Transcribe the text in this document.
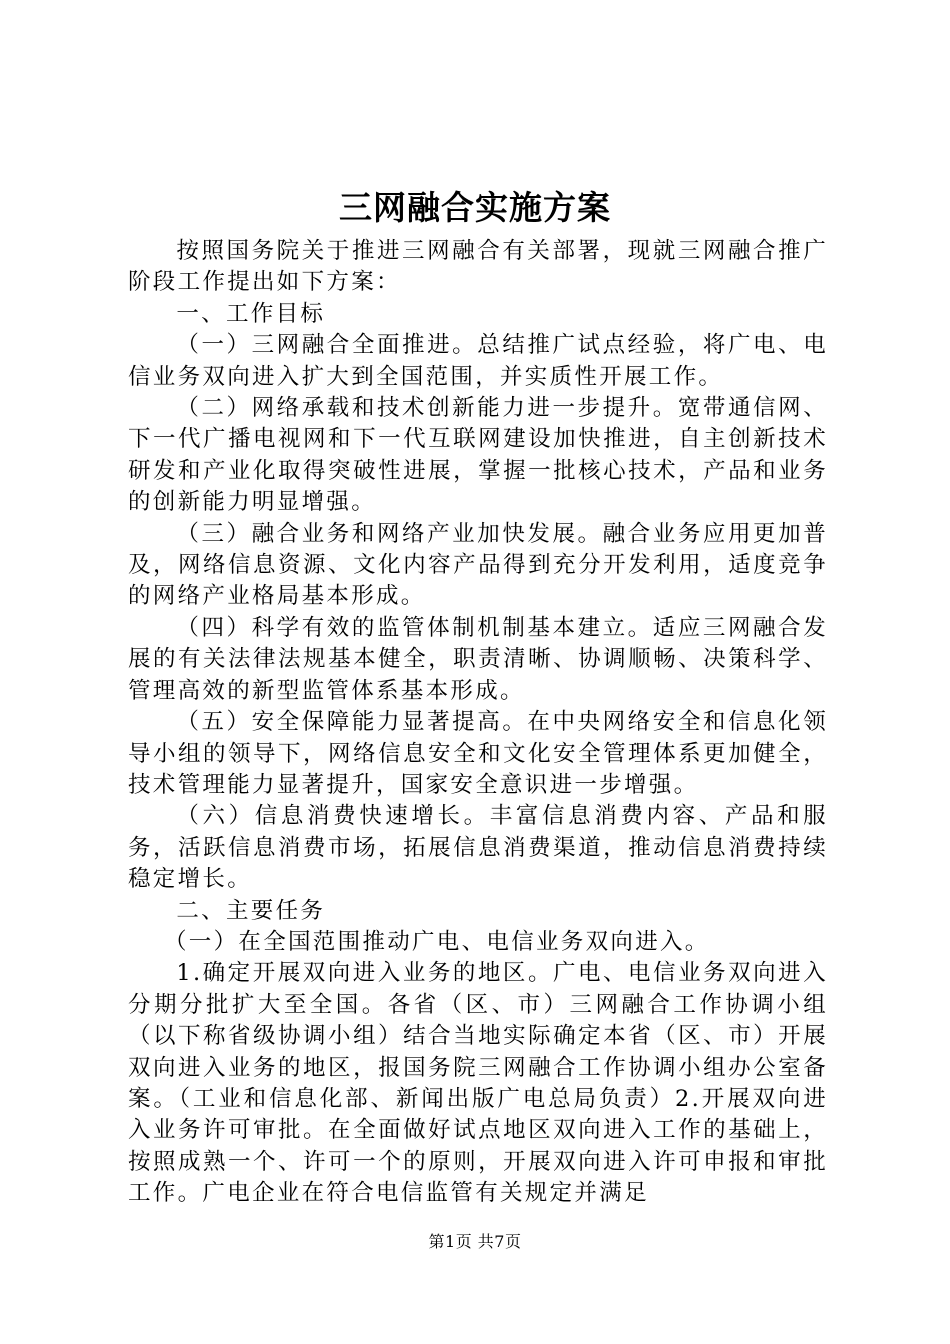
三网融合实施方案

按照国务院关于推进三网融合有关部署，现就三网融合推广阶段工作提出如下方案：

一、工作目标

（一）三网融合全面推进。总结推广试点经验，将广电、电信业务双向进入扩大到全国范围，并实质性开展工作。

（二）网络承载和技术创新能力进一步提升。宽带通信网、下一代广播电视网和下一代互联网建设加快推进，自主创新技术研发和产业化取得突破性进展，掌握一批核心技术，产品和业务的创新能力明显增强。

（三）融合业务和网络产业加快发展。融合业务应用更加普及，网络信息资源、文化内容产品得到充分开发利用，适度竞争的网络产业格局基本形成。

（四）科学有效的监管体制机制基本建立。适应三网融合发展的有关法律法规基本健全，职责清晰、协调顺畅、决策科学、管理高效的新型监管体系基本形成。

（五）安全保障能力显著提高。在中央网络安全和信息化领导小组的领导下，网络信息安全和文化安全管理体系更加健全，技术管理能力显著提升，国家安全意识进一步增强。

（六）信息消费快速增长。丰富信息消费内容、产品和服务，活跃信息消费市场，拓展信息消费渠道，推动信息消费持续稳定增长。

二、主要任务

（一）在全国范围推动广电、电信业务双向进入。

1.确定开展双向进入业务的地区。广电、电信业务双向进入分期分批扩大至全国。各省（区、市）三网融合工作协调小组（以下称省级协调小组）结合当地实际确定本省（区、市）开展双向进入业务的地区，报国务院三网融合工作协调小组办公室备案。（工业和信息化部、新闻出版广电总局负责）2.开展双向进入业务许可审批。在全面做好试点地区双向进入工作的基础上，按照成熟一个、许可一个的原则，开展双向进入许可申报和审批工作。广电企业在符合电信监管有关规定并满足

第1页 共7页
